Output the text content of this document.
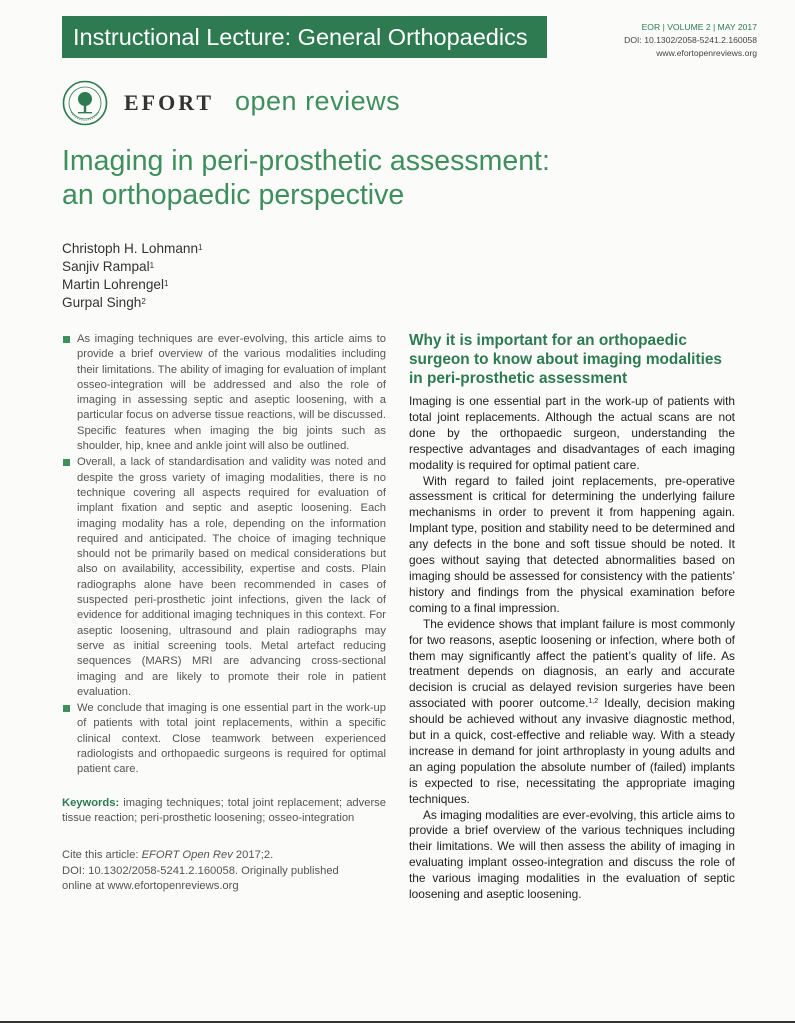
Instructional Lecture: General Orthopaedics	EOR | VOLUME 2 | MAY 2017
DOI: 10.1302/2058-5241.2.160058
www.efortopenreviews.org
EFORT open reviews
Imaging in peri-prosthetic assessment:
an orthopaedic perspective
Christoph H. Lohmann$^1$
Sanjiv Rampal$^1$
Martin Lohrengel$^1$
Gurpal Singh$^2$
As imaging techniques are ever-evolving, this article aims to provide a brief overview of the various modalities including their limitations. The ability of imaging for evaluation of implant osseo-integration will be addressed and also the role of imaging in assessing septic and aseptic loosening, with a particular focus on adverse tissue reactions, will be discussed. Specific features when imaging the big joints such as shoulder, hip, knee and ankle joint will also be outlined.
Overall, a lack of standardisation and validity was noted and despite the gross variety of imaging modalities, there is no technique covering all aspects required for evaluation of implant fixation and septic and aseptic loosening. Each imaging modality has a role, depending on the information required and anticipated. The choice of imaging technique should not be primarily based on medical considerations but also on availability, accessibility, expertise and costs. Plain radiographs alone have been recommended in cases of suspected peri-prosthetic joint infections, given the lack of evidence for additional imaging techniques in this context. For aseptic loosening, ultrasound and plain radiographs may serve as initial screening tools. Metal artefact reducing sequences (MARS) MRI are advancing cross-sectional imaging and are likely to promote their role in patient evaluation.
We conclude that imaging is one essential part in the work-up of patients with total joint replacements, within a specific clinical context. Close teamwork between experienced radiologists and orthopaedic surgeons is required for optimal patient care.
Keywords: imaging techniques; total joint replacement; adverse tissue reaction; peri-prosthetic loosening; osseo-integration
Cite this article: EFORT Open Rev 2017;2.
DOI: 10.1302/2058-5241.2.160058. Originally published
online at www.efortopenreviews.org
Why it is important for an orthopaedic surgeon to know about imaging modalities in peri-prosthetic assessment

Imaging is one essential part in the work-up of patients with total joint replacements. Although the actual scans are not done by the orthopaedic surgeon, understanding the respective advantages and disadvantages of each imaging modality is required for optimal patient care.

With regard to failed joint replacements, pre-operative assessment is critical for determining the underlying failure mechanisms in order to prevent it from happening again. Implant type, position and stability need to be determined and any defects in the bone and soft tissue should be noted. It goes without saying that detected abnormalities based on imaging should be assessed for consistency with the patients’ history and findings from the physical examination before coming to a final impression.

The evidence shows that implant failure is most commonly for two reasons, aseptic loosening or infection, where both of them may significantly affect the patient’s quality of life. As treatment depends on diagnosis, an early and accurate decision is crucial as delayed revision surgeries have been associated with poorer outcome.$^{1,2}$ Ideally, decision making should be achieved without any invasive diagnostic method, but in a quick, cost-effective and reliable way. With a steady increase in demand for joint arthroplasty in young adults and an aging population the absolute number of (failed) implants is expected to rise, necessitating the appropriate imaging techniques.

As imaging modalities are ever-evolving, this article aims to provide a brief overview of the various techniques including their limitations. We will then assess the ability of imaging in evaluating implant osseo-integration and discuss the role of the various imaging modalities in the evaluation of septic loosening and aseptic loosening.
